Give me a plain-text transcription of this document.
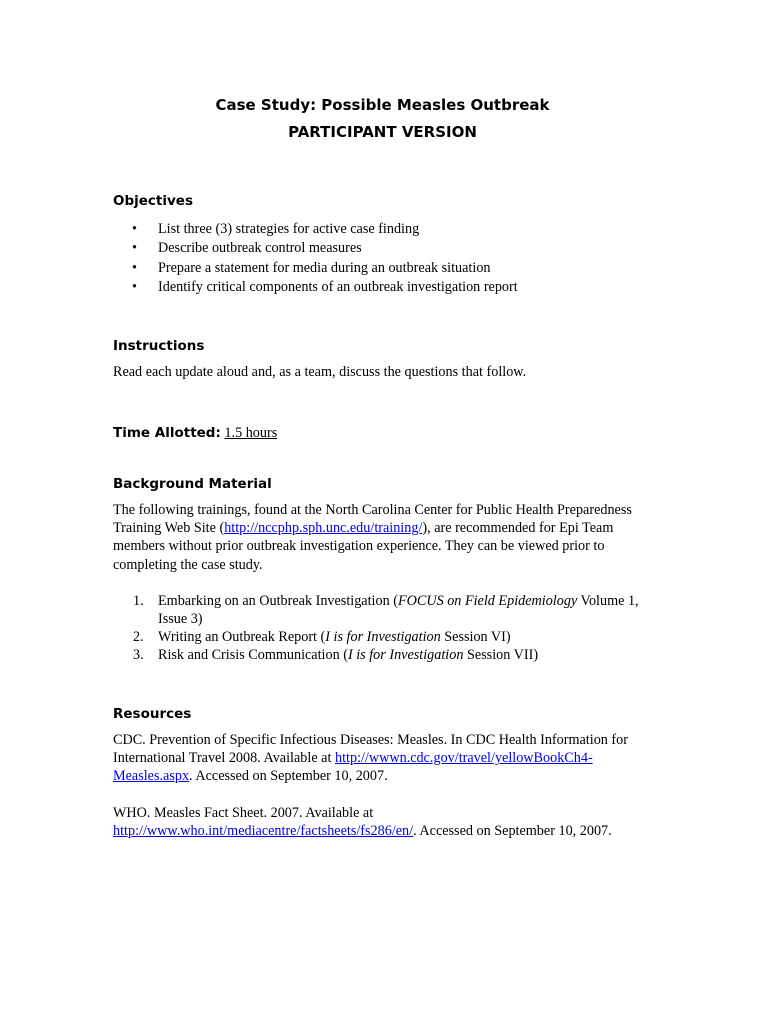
Case Study: Possible Measles Outbreak
PARTICIPANT VERSION
Objectives
• List three (3) strategies for active case finding
• Describe outbreak control measures
• Prepare a statement for media during an outbreak situation
• Identify critical components of an outbreak investigation report
Instructions

Read each update aloud and, as a team, discuss the questions that follow.

Time Allotted: 1.5 hours
Background Material

The following trainings, found at the North Carolina Center for Public Health Preparedness Training Web Site (http://nccphp.sph.unc.edu/training/), are recommended for Epi Team members without prior outbreak investigation experience. They can be viewed prior to completing the case study.

1. Embarking on an Outbreak Investigation (FOCUS on Field Epidemiology Volume 1, Issue 3)
2. Writing an Outbreak Report (I is for Investigation Session VI)
3. Risk and Crisis Communication (I is for Investigation Session VII)
Resources

CDC. Prevention of Specific Infectious Diseases: Measles. In CDC Health Information for International Travel 2008. Available at http://wwwn.cdc.gov/travel/yellowBookCh4-Measles.aspx. Accessed on September 10, 2007.

WHO. Measles Fact Sheet. 2007. Available at http://www.who.int/mediacentre/factsheets/fs286/en/. Accessed on September 10, 2007.
